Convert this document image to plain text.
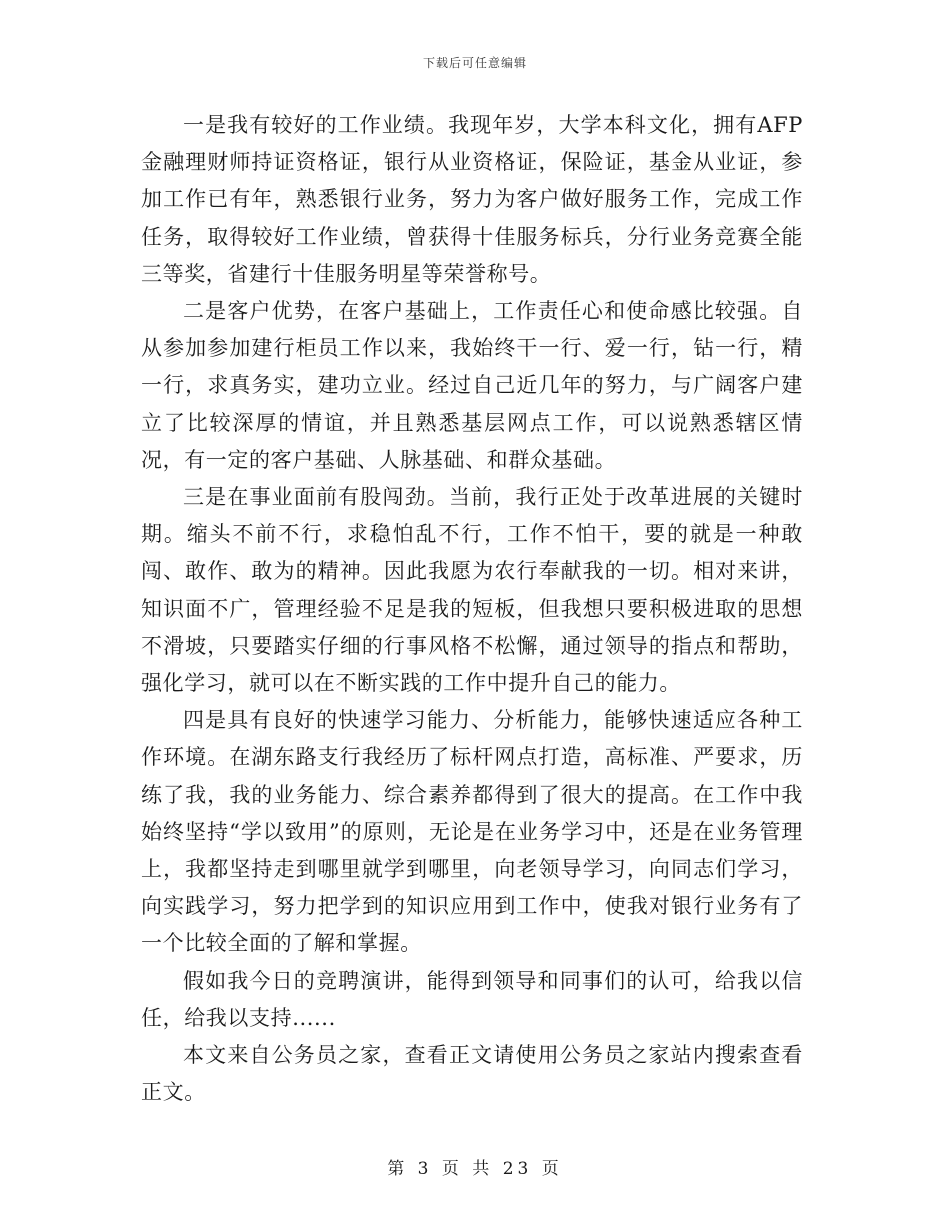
下载后可任意编辑

一是我有较好的工作业绩。我现年岁，大学本科文化，拥有AFP金融理财师持证资格证，银行从业资格证，保险证，基金从业证，参加工作已有年，熟悉银行业务，努力为客户做好服务工作，完成工作任务，取得较好工作业绩，曾获得十佳服务标兵，分行业务竞赛全能三等奖，省建行十佳服务明星等荣誉称号。

二是客户优势，在客户基础上，工作责任心和使命感比较强。自从参加参加建行柜员工作以来，我始终干一行、爱一行，钻一行，精一行，求真务实，建功立业。经过自己近几年的努力，与广阔客户建立了比较深厚的情谊，并且熟悉基层网点工作，可以说熟悉辖区情况，有一定的客户基础、人脉基础、和群众基础。

三是在事业面前有股闯劲。当前，我行正处于改革进展的关键时期。缩头不前不行，求稳怕乱不行，工作不怕干，要的就是一种敢闯、敢作、敢为的精神。因此我愿为农行奉献我的一切。相对来讲，知识面不广，管理经验不足是我的短板，但我想只要积极进取的思想不滑坡，只要踏实仔细的行事风格不松懈，通过领导的指点和帮助，强化学习，就可以在不断实践的工作中提升自己的能力。

四是具有良好的快速学习能力、分析能力，能够快速适应各种工作环境。在湖东路支行我经历了标杆网点打造，高标准、严要求，历练了我，我的业务能力、综合素养都得到了很大的提高。在工作中我始终坚持“学以致用”的原则，无论是在业务学习中，还是在业务管理上，我都坚持走到哪里就学到哪里，向老领导学习，向同志们学习，向实践学习，努力把学到的知识应用到工作中，使我对银行业务有了一个比较全面的了解和掌握。

假如我今日的竞聘演讲，能得到领导和同事们的认可，给我以信任，给我以支持......

本文来自公务员之家，查看正文请使用公务员之家站内搜索查看正文。

第 3 页 共 23 页
